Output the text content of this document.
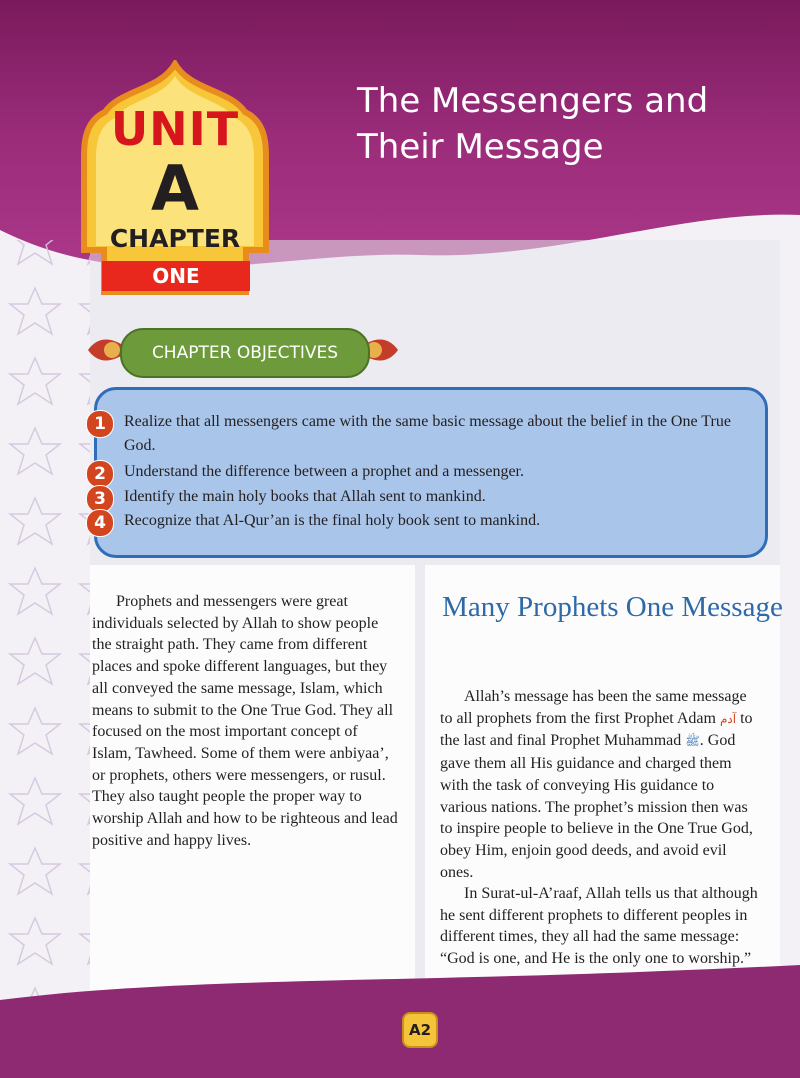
The Messengers and Their Message
UNIT
A
CHAPTER
ONE
CHAPTER OBJECTIVES
1	Realize that all messengers came with the same basic message about the belief in the One True God.
2	Understand the difference between a prophet and a messenger.
3	Identify the main holy books that Allah sent to mankind.
4	Recognize that Al-Qur’an is the final holy book sent to mankind.

Prophets and messengers were great individuals selected by Allah to show people the straight path. They came from different places and spoke different languages, but they all conveyed the same message, Islam, which means to submit to the One True God. They all focused on the most important concept of Islam, Tawheed. Some of them were anbiyaa’, or prophets, others were messengers, or rusul. They also taught people the proper way to worship Allah and how to be righteous and lead positive and happy lives.

Many Prophets One Message

Allah’s message has been the same message to all prophets from the first Prophet Adam آدم to the last and final Prophet Muhammad ﷺ. God gave them all His guidance and charged them with the task of conveying His guidance to various nations. The prophet’s mission then was to inspire people to believe in the One True God, obey Him, enjoin good deeds, and avoid evil ones.

In Surat-ul-A’raaf, Allah tells us that although he sent different prophets to different peoples in different times, they all had the same message: “God is one, and He is the only one to worship.”

A2
